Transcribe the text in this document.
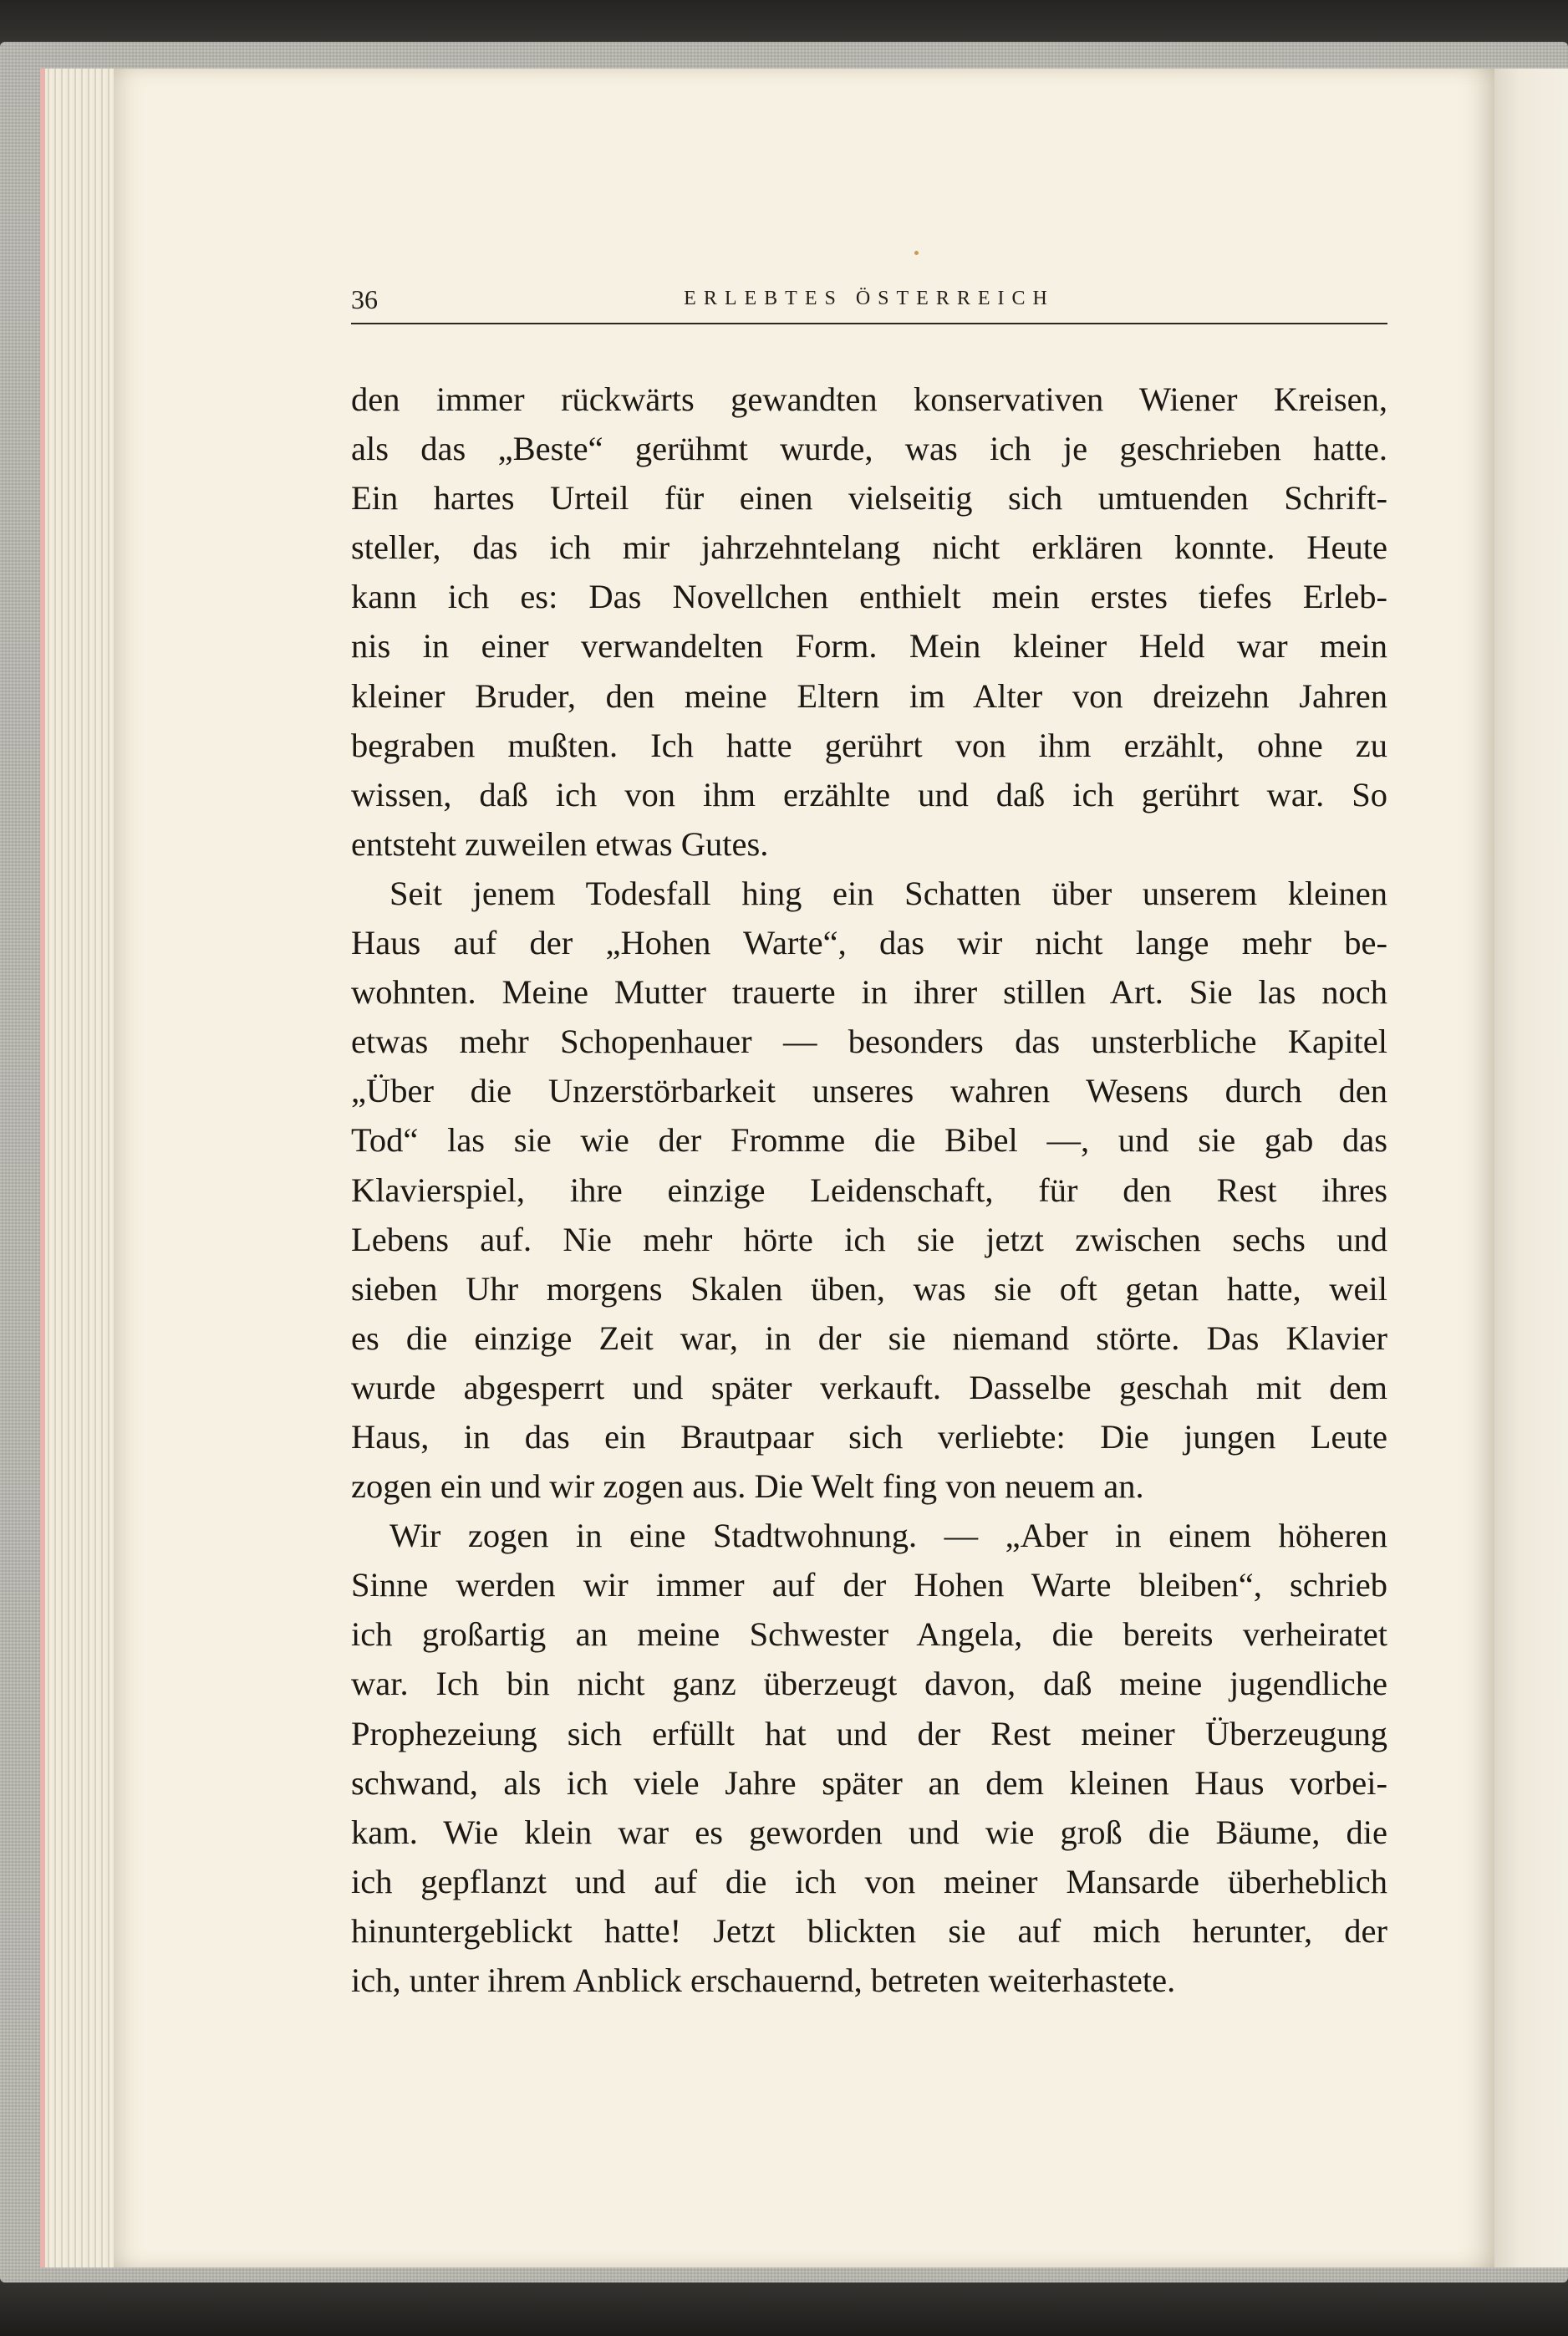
36	ERLEBTES ÖSTERREICH
den immer rückwärts gewandten konservativen Wiener Kreisen,
als das „Beste“ gerühmt wurde, was ich je geschrieben hatte.
Ein hartes Urteil für einen vielseitig sich umtuenden Schrift-
steller, das ich mir jahrzehntelang nicht erklären konnte. Heute
kann ich es: Das Novellchen enthielt mein erstes tiefes Erleb-
nis in einer verwandelten Form. Mein kleiner Held war mein
kleiner Bruder, den meine Eltern im Alter von dreizehn Jahren
begraben mußten. Ich hatte gerührt von ihm erzählt, ohne zu
wissen, daß ich von ihm erzählte und daß ich gerührt war. So
entsteht zuweilen etwas Gutes.
Seit jenem Todesfall hing ein Schatten über unserem kleinen
Haus auf der „Hohen Warte“, das wir nicht lange mehr be-
wohnten. Meine Mutter trauerte in ihrer stillen Art. Sie las noch
etwas mehr Schopenhauer — besonders das unsterbliche Kapitel
„Über die Unzerstörbarkeit unseres wahren Wesens durch den
Tod“ las sie wie der Fromme die Bibel —, und sie gab das
Klavierspiel, ihre einzige Leidenschaft, für den Rest ihres
Lebens auf. Nie mehr hörte ich sie jetzt zwischen sechs und
sieben Uhr morgens Skalen üben, was sie oft getan hatte, weil
es die einzige Zeit war, in der sie niemand störte. Das Klavier
wurde abgesperrt und später verkauft. Dasselbe geschah mit dem
Haus, in das ein Brautpaar sich verliebte: Die jungen Leute
zogen ein und wir zogen aus. Die Welt fing von neuem an.
Wir zogen in eine Stadtwohnung. — „Aber in einem höheren
Sinne werden wir immer auf der Hohen Warte bleiben“, schrieb
ich großartig an meine Schwester Angela, die bereits verheiratet
war. Ich bin nicht ganz überzeugt davon, daß meine jugendliche
Prophezeiung sich erfüllt hat und der Rest meiner Überzeugung
schwand, als ich viele Jahre später an dem kleinen Haus vorbei-
kam. Wie klein war es geworden und wie groß die Bäume, die
ich gepflanzt und auf die ich von meiner Mansarde überheblich
hinuntergeblickt hatte! Jetzt blickten sie auf mich herunter, der
ich, unter ihrem Anblick erschauernd, betreten weiterhastete.
